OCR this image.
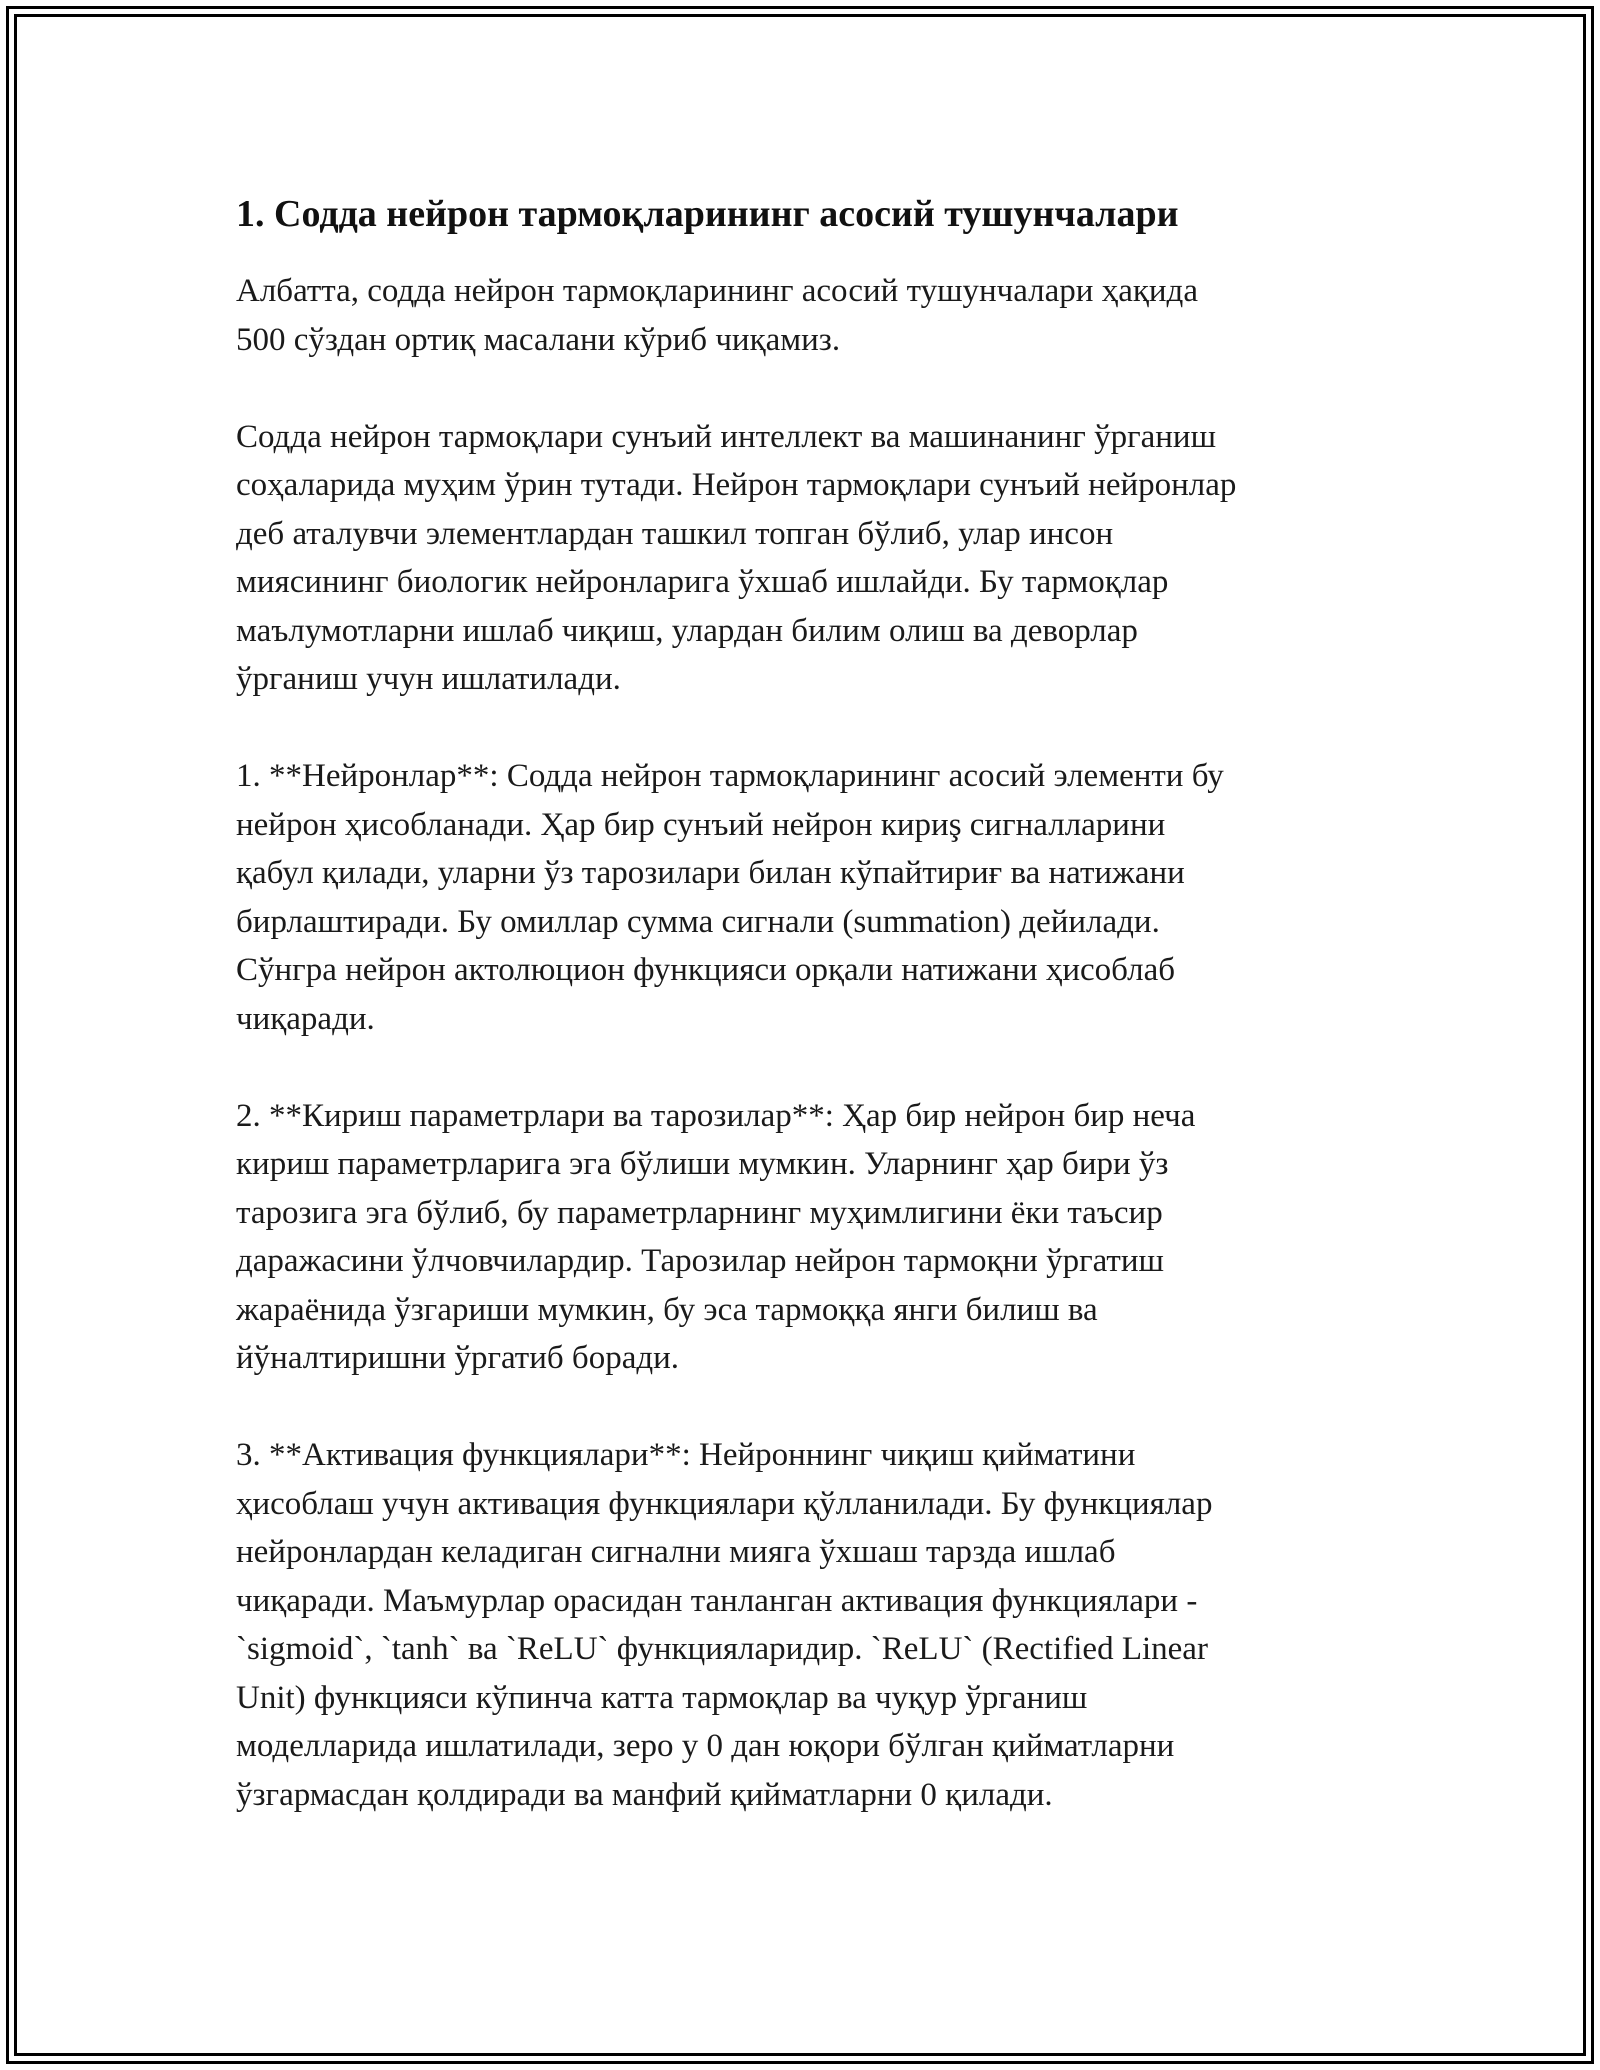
1. Содда нейрон тармоқларининг асосий тушунчалари

Албатта, содда нейрон тармоқларининг асосий тушунчалари ҳақида
500 сўздан ортиқ масалани кўриб чиқамиз.

Содда нейрон тармоқлари сунъий интеллект ва машинанинг ўрганиш
соҳаларида муҳим ўрин тутади. Нейрон тармоқлари сунъий нейронлар
деб аталувчи элементлардан ташкил топган бўлиб, улар инсон
миясининг биологик нейронларига ўхшаб ишлайди. Бу тармоқлар
маълумотларни ишлаб чиқиш, улардан билим олиш ва деворлар
ўрганиш учун ишлатилади.

1. **Нейронлар**: Содда нейрон тармоқларининг асосий элементи бу
нейрон ҳисобланади. Ҳар бир сунъий нейрон кириş сигналларини
қабул қилади, уларни ўз тарозилари билан кўпайтириғ ва натижани
бирлаштиради. Бу омиллар сумма сигнали (summation) дейилади.
Сўнгра нейрон актолюцион функцияси орқали натижани ҳисоблаб
чиқаради.

2. **Кириш параметрлари ва тарозилар**: Ҳар бир нейрон бир неча
кириш параметрларига эга бўлиши мумкин. Уларнинг ҳар бири ўз
тарозига эга бўлиб, бу параметрларнинг муҳимлигини ёки таъсир
даражасини ўлчовчилардир. Тарозилар нейрон тармоқни ўргатиш
жараёнида ўзгариши мумкин, бу эса тармоққа янги билиш ва
йўналтиришни ўргатиб боради.

3. **Активация функциялари**: Нейроннинг чиқиш қийматини
ҳисоблаш учун активация функциялари қўлланилади. Бу функциялар
нейронлардан келадиган сигнални мияга ўхшаш тарзда ишлаб
чиқаради. Маъмурлар орасидан танланган активация функциялари -
`sigmoid`, `tanh` ва `ReLU` функцияларидир. `ReLU` (Rectified Linear
Unit) функцияси кўпинча катта тармоқлар ва чуқур ўрганиш
моделларида ишлатилади, зеро у 0 дан юқори бўлган қийматларни
ўзгармасдан қолдиради ва манфий қийматларни 0 қилади.
